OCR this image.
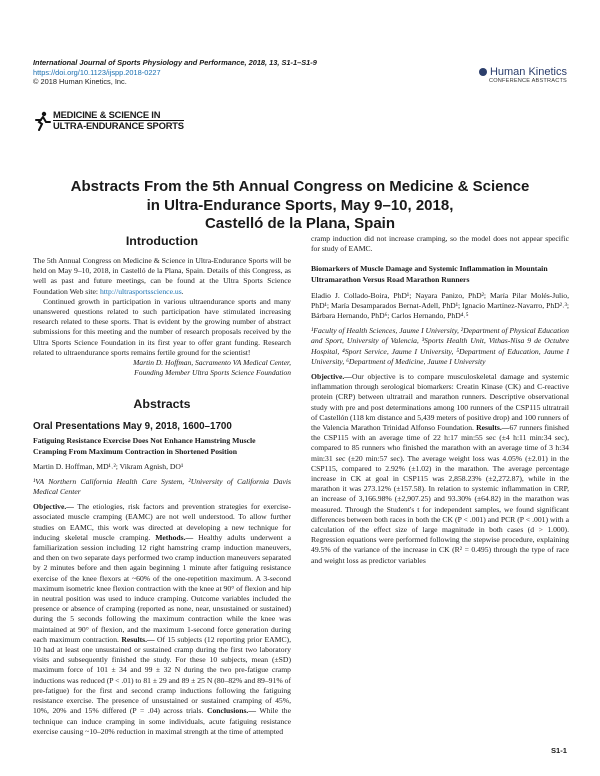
International Journal of Sports Physiology and Performance, 2018, 13, S1-1–S1-9
https://doi.org/10.1123/ijspp.2018-0227
© 2018 Human Kinetics, Inc.
Human Kinetics
CONFERENCE ABSTRACTS
MEDICINE & SCIENCE IN
ULTRA-ENDURANCE SPORTS
Abstracts From the 5th Annual Congress on Medicine & Science
in Ultra-Endurance Sports, May 9–10, 2018,
Castelló de la Plana, Spain
Introduction

The 5th Annual Congress on Medicine & Science in Ultra-Endurance Sports will be held on May 9–10, 2018, in Castelló de la Plana, Spain. Details of this Congress, as well as past and future meetings, can be found at the Ultra Sports Science Foundation Web site: http://ultrasportsscience.us.

Continued growth in participation in various ultraendurance sports and many unanswered questions related to such participation have stimulated increasing research related to these sports. That is evident by the growing number of abstract submissions for this meeting and the number of research proposals received by the Ultra Sports Science Foundation in its first year to offer grant funding. Research related to ultraendurance sports remains fertile ground for the scientist!

Martin D. Hoffman, Sacramento VA Medical Center,
Founding Member Ultra Sports Science Foundation
Abstracts
Oral Presentations May 9, 2018, 1600–1700

Fatiguing Resistance Exercise Does Not Enhance Hamstring Muscle Cramping From Maximum Contraction in Shortened Position

Martin D. Hoffman, MD¹˒²; Vikram Agnish, DO¹

¹VA Northern California Health Care System, ²University of California Davis Medical Center

Objective.— The etiologies, risk factors and prevention strategies for exercise-associated muscle cramping (EAMC) are not well understood. To allow further studies on EAMC, this work was directed at developing a new technique for inducing skeletal muscle cramping. Methods.— Healthy adults underwent a familiarization session including 12 right hamstring cramp induction maneuvers, and then on two separate days performed two cramp induction maneuvers separated by 2 minutes before and then again beginning 1 minute after fatiguing resistance exercise of the knee flexors at ~60% of the one-repetition maximum. A 3-second maximum isometric knee flexion contraction with the knee at 90° of flexion and hip in neutral position was used to induce cramping. Outcome variables included the presence or absence of cramping (reported as none, near, unsustained or sustained) during the 5 seconds following the maximum contraction while the knee was maintained at 90° of flexion, and the maximum 1-second force generation during each maximum contraction. Results.— Of 15 subjects (12 reporting prior EAMC), 10 had at least one unsustained or sustained cramp during the first two laboratory visits and subsequently finished the study. For these 10 subjects, mean (±SD) maximum force of 101 ± 34 and 99 ± 32 N during the two pre-fatigue cramp inductions was reduced (P < .01) to 81 ± 29 and 89 ± 25 N (80–82% and 89–91% of pre-fatigue) for the first and second cramp inductions following the fatiguing resistance exercise. The presence of unsustained or sustained cramping of 45%, 10%, 20% and 15% differed (P = .04) across trials. Conclusions.— While the technique can induce cramping in some individuals, acute fatiguing resistance exercise causing ~10–20% reduction in maximal strength at the time of attempted

cramp induction did not increase cramping, so the model does not appear specific for study of EAMC.

Biomarkers of Muscle Damage and Systemic Inflammation in Mountain Ultramarathon Versus Road Marathon Runners

Eladio J. Collado-Boira, PhD¹; Nayara Panizo, PhD²; María Pilar Molés-Julio, PhD¹; María Desamparados Bernat-Adell, PhD¹; Ignacio Martínez-Navarro, PhD²˒³; Bárbara Hernando, PhD⁶; Carlos Hernando, PhD⁴˒⁵

¹Faculty of Health Sciences, Jaume I University, ²Department of Physical Education and Sport, University of Valencia, ³Sports Health Unit, Vithas-Nisa 9 de Octubre Hospital, ⁴Sport Service, Jaume I University, ⁵Department of Education, Jaume I University, ⁶Department of Medicine, Jaume I University

Objective.—Our objective is to compare musculoskeletal damage and systemic inflammation through serological biomarkers: Creatin Kinase (CK) and C-reactive protein (CRP) between ultratrail and marathon runners. Descriptive observational study with pre and post determinations among 100 runners of the CSP115 ultratrail of Castellón (118 km distance and 5,439 meters of positive drop) and 100 runners of the Valencia Marathon Trinidad Alfonso Foundation. Results.—67 runners finished the CSP115 with an average time of 22 h:17 min:55 sec (±4 h:11 min:34 sec), compared to 85 runners who finished the marathon with an average time of 3 h:34 min:31 sec (±20 min:57 sec). The average weight loss was 4.05% (±2.01) in the CSP115, compared to 2.92% (±1.02) in the marathon. The average percentage increase in CK at goal in CSP115 was 2,858.23% (±2,272.87), while in the marathon it was 273.12% (±157.58). In relation to systemic inflammation in CRP, an increase of 3,166.98% (±2,907.25) and 93.30% (±64.82) in the marathon was measured. Through the Student's t for independent samples, we found significant differences between both races in both the CK (P < .001) and PCR (P < .001) with a calculation of the effect size of large magnitude in both cases (d > 1.000). Regression equations were performed following the stepwise procedure, explaining 49.5% of the variance of the increase in CK (R² = 0.495) through the type of race and weight loss as predictor variables

S1-1
